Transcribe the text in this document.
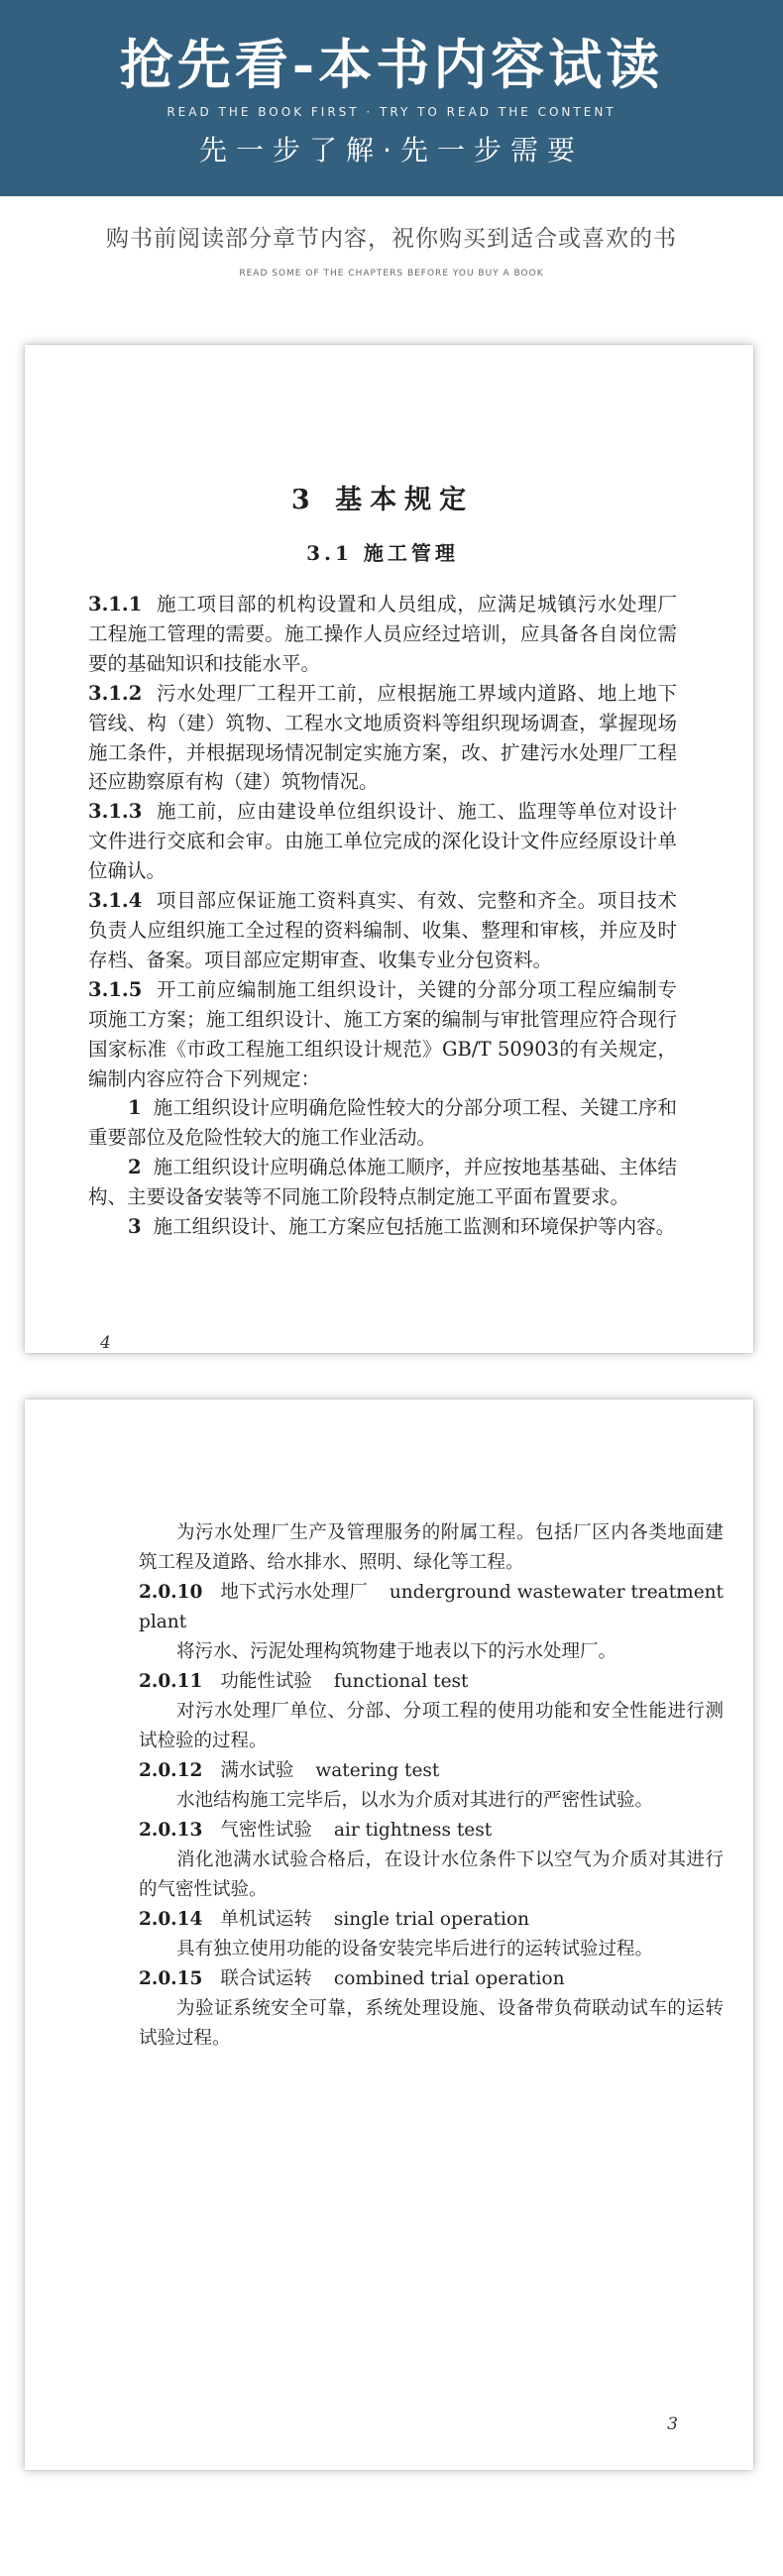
抢先看-本书内容试读
READ THE BOOK FIRST · TRY TO READ THE CONTENT
先一步了解·先一步需要
购书前阅读部分章节内容，祝你购买到适合或喜欢的书
READ SOME OF THE CHAPTERS BEFORE YOU BUY A BOOK
3 基本规定
3.1 施工管理

3.1.1 施工项目部的机构设置和人员组成，应满足城镇污水处理厂工程施工管理的需要。施工操作人员应经过培训，应具备各自岗位需要的基础知识和技能水平。

3.1.2 污水处理厂工程开工前，应根据施工界域内道路、地上地下管线、构（建）筑物、工程水文地质资料等组织现场调查，掌握现场施工条件，并根据现场情况制定实施方案，改、扩建污水处理厂工程还应勘察原有构（建）筑物情况。

3.1.3 施工前，应由建设单位组织设计、施工、监理等单位对设计文件进行交底和会审。由施工单位完成的深化设计文件应经原设计单位确认。

3.1.4 项目部应保证施工资料真实、有效、完整和齐全。项目技术负责人应组织施工全过程的资料编制、收集、整理和审核，并应及时存档、备案。项目部应定期审查、收集专业分包资料。

3.1.5 开工前应编制施工组织设计，关键的分部分项工程应编制专项施工方案；施工组织设计、施工方案的编制与审批管理应符合现行国家标准《市政工程施工组织设计规范》GB/T 50903的有关规定，编制内容应符合下列规定：

1 施工组织设计应明确危险性较大的分部分项工程、关键工序和重要部位及危险性较大的施工作业活动。

2 施工组织设计应明确总体施工顺序，并应按地基基础、主体结构、主要设备安装等不同施工阶段特点制定施工平面布置要求。

3 施工组织设计、施工方案应包括施工监测和环境保护等内容。

4

为污水处理厂生产及管理服务的附属工程。包括厂区内各类地面建筑工程及道路、给水排水、照明、绿化等工程。

2.0.10 地下式污水处理厂 underground wastewater treatment plant

将污水、污泥处理构筑物建于地表以下的污水处理厂。

2.0.11 功能性试验 functional test

对污水处理厂单位、分部、分项工程的使用功能和安全性能进行测试检验的过程。

2.0.12 满水试验 watering test

水池结构施工完毕后，以水为介质对其进行的严密性试验。

2.0.13 气密性试验 air tightness test

消化池满水试验合格后，在设计水位条件下以空气为介质对其进行的气密性试验。

2.0.14 单机试运转 single trial operation

具有独立使用功能的设备安装完毕后进行的运转试验过程。

2.0.15 联合试运转 combined trial operation

为验证系统安全可靠，系统处理设施、设备带负荷联动试车的运转试验过程。

3
